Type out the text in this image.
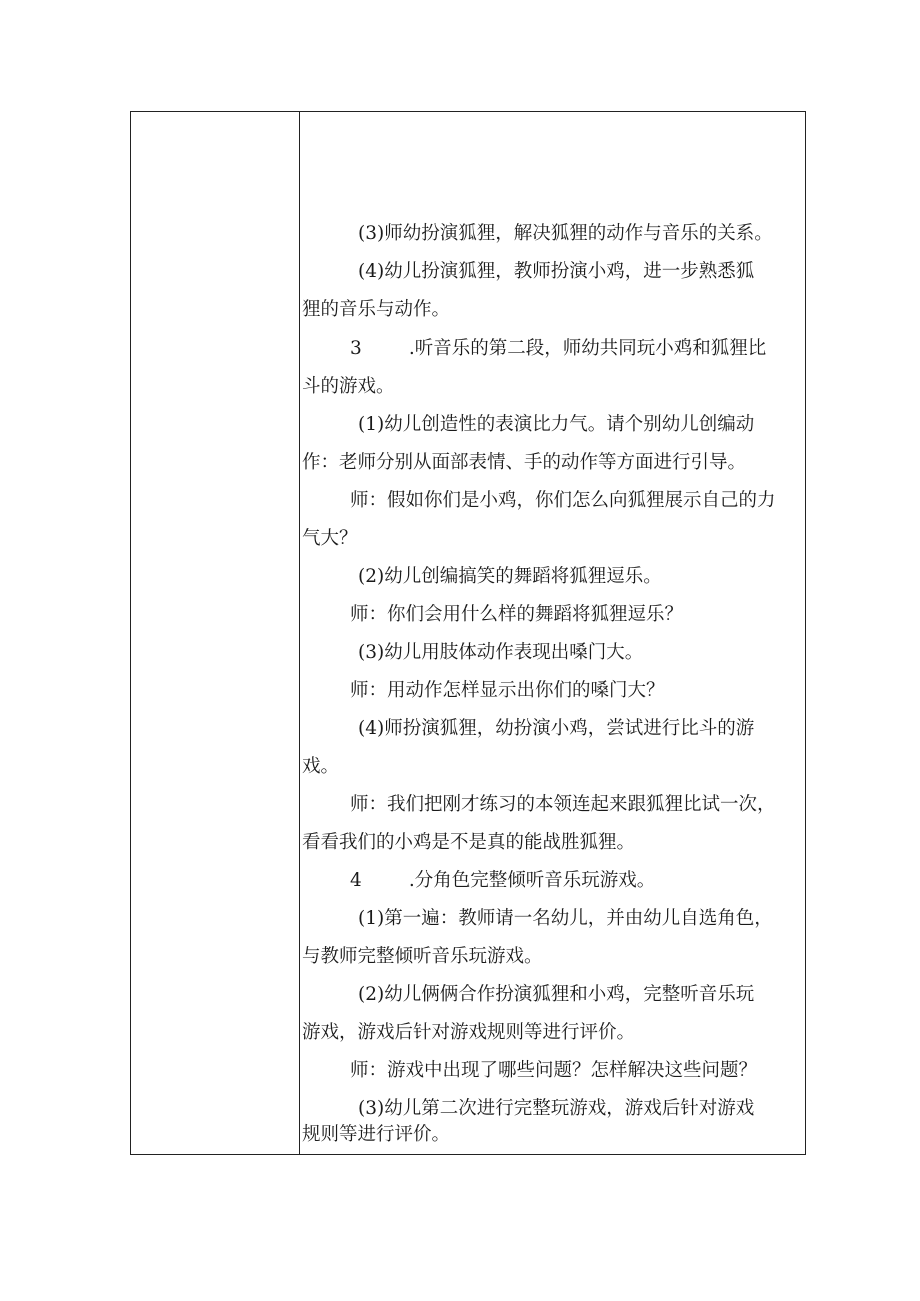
(3)师幼扮演狐狸，解决狐狸的动作与音乐的关系。
(4)幼儿扮演狐狸，教师扮演小鸡，进一步熟悉狐
狸的音乐与动作。
3        .听音乐的第二段，师幼共同玩小鸡和狐狸比
斗的游戏。
(1)幼儿创造性的表演比力气。请个别幼儿创编动
作：老师分别从面部表情、手的动作等方面进行引导。
师：假如你们是小鸡，你们怎么向狐狸展示自己的力
气大？
(2)幼儿创编搞笑的舞蹈将狐狸逗乐。
师：你们会用什么样的舞蹈将狐狸逗乐？
(3)幼儿用肢体动作表现出嗓门大。
师：用动作怎样显示出你们的嗓门大？
(4)师扮演狐狸，幼扮演小鸡，尝试进行比斗的游
戏。
师：我们把刚才练习的本领连起来跟狐狸比试一次，
看看我们的小鸡是不是真的能战胜狐狸。
4        .分角色完整倾听音乐玩游戏。
(1)第一遍：教师请一名幼儿，并由幼儿自选角色，
与教师完整倾听音乐玩游戏。
(2)幼儿俩俩合作扮演狐狸和小鸡，完整听音乐玩
游戏，游戏后针对游戏规则等进行评价。
师：游戏中出现了哪些问题？怎样解决这些问题？
(3)幼儿第二次进行完整玩游戏，游戏后针对游戏
规则等进行评价。
